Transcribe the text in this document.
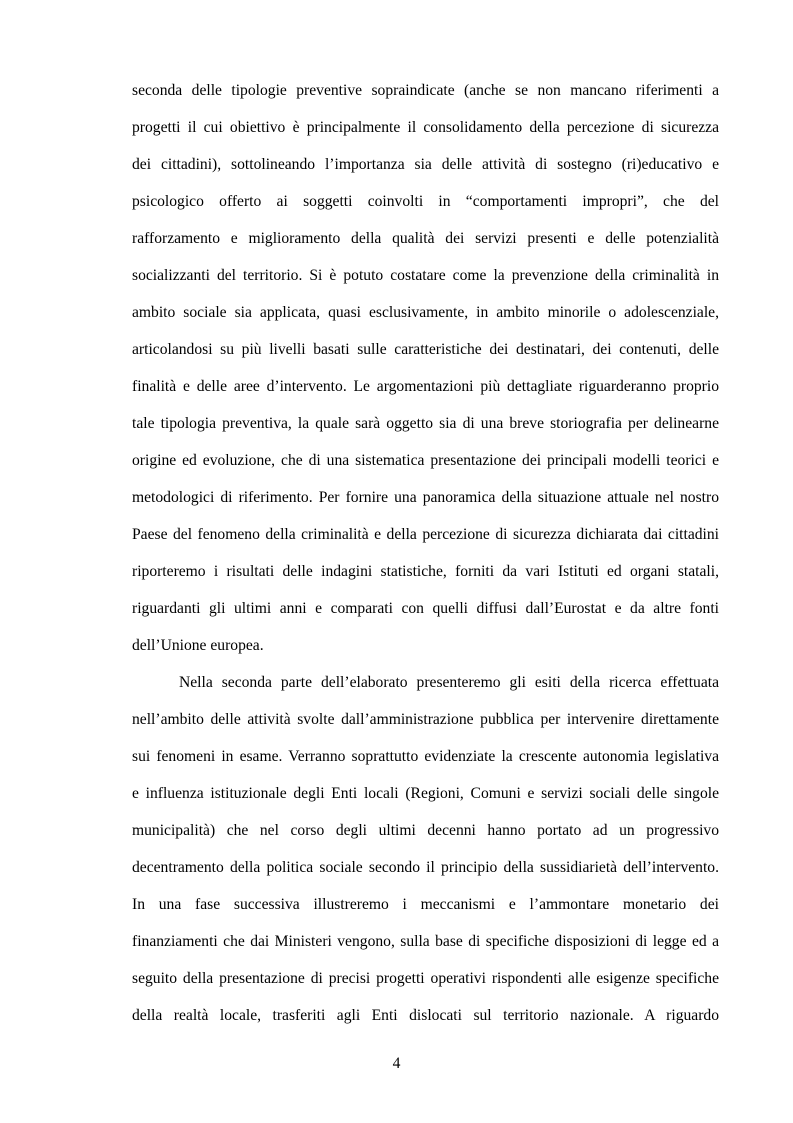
seconda delle tipologie preventive sopraindicate (anche se non mancano riferimenti a
progetti il cui obiettivo è principalmente il consolidamento della percezione di sicurezza
dei cittadini), sottolineando l’importanza sia delle attività di sostegno (ri)educativo e
psicologico offerto ai soggetti coinvolti in “comportamenti impropri”, che del
rafforzamento e miglioramento della qualità dei servizi presenti e delle potenzialità
socializzanti del territorio. Si è potuto costatare come la prevenzione della criminalità in
ambito sociale sia applicata, quasi esclusivamente, in ambito minorile o adolescenziale,
articolandosi su più livelli basati sulle caratteristiche dei destinatari, dei contenuti, delle
finalità e delle aree d’intervento. Le argomentazioni più dettagliate riguarderanno proprio
tale tipologia preventiva, la quale sarà oggetto sia di una breve storiografia per delinearne
origine ed evoluzione, che di una sistematica presentazione dei principali modelli teorici e
metodologici di riferimento. Per fornire una panoramica della situazione attuale nel nostro
Paese del fenomeno della criminalità e della percezione di sicurezza dichiarata dai cittadini
riporteremo i risultati delle indagini statistiche, forniti da vari Istituti ed organi statali,
riguardanti gli ultimi anni e comparati con quelli diffusi dall’Eurostat e da altre fonti
dell’Unione europea.

Nella seconda parte dell’elaborato presenteremo gli esiti della ricerca effettuata
nell’ambito delle attività svolte dall’amministrazione pubblica per intervenire direttamente
sui fenomeni in esame. Verranno soprattutto evidenziate la crescente autonomia legislativa
e influenza istituzionale degli Enti locali (Regioni, Comuni e servizi sociali delle singole
municipalità) che nel corso degli ultimi decenni hanno portato ad un progressivo
decentramento della politica sociale secondo il principio della sussidiarietà dell’intervento.
In una fase successiva illustreremo i meccanismi e l’ammontare monetario dei
finanziamenti che dai Ministeri vengono, sulla base di specifiche disposizioni di legge ed a
seguito della presentazione di precisi progetti operativi rispondenti alle esigenze specifiche
della realtà locale, trasferiti agli Enti dislocati sul territorio nazionale. A riguardo

4
